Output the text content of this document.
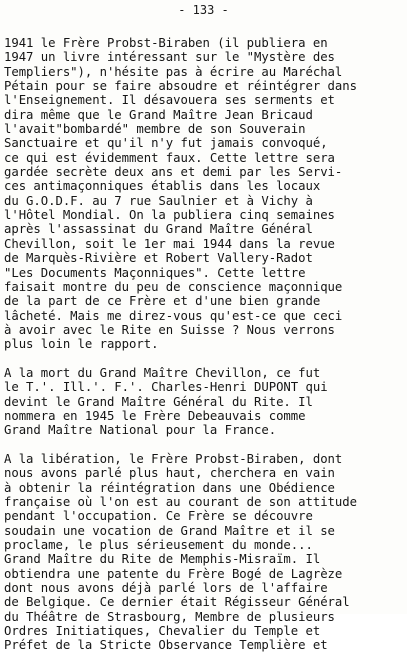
- 133 -
1941 le Frère Probst-Biraben (il publiera en
1947 un livre intéressant sur le "Mystère des
Templiers"), n'hésite pas à écrire au Maréchal
Pétain pour se faire absoudre et réintégrer dans
l'Enseignement. Il désavouera ses serments et
dira même que le Grand Maître Jean Bricaud
l'avait"bombardé" membre de son Souverain
Sanctuaire et qu'il n'y fut jamais convoqué,
ce qui est évidemment faux. Cette lettre sera
gardée secrète deux ans et demi par les Servi-
ces antimaçonniques établis dans les locaux
du G.O.D.F. au 7 rue Saulnier et à Vichy à
l'Hôtel Mondial. On la publiera cinq semaines
après l'assassinat du Grand Maître Général
Chevillon, soit le 1er mai 1944 dans la revue
de Marquès-Rivière et Robert Vallery-Radot
"Les Documents Maçonniques". Cette lettre
faisait montre du peu de conscience maçonnique
de la part de ce Frère et d'une bien grande
lâcheté. Mais me direz-vous qu'est-ce que ceci
à avoir avec le Rite en Suisse ? Nous verrons
plus loin le rapport.
A la mort du Grand Maître Chevillon, ce fut
le T.'. Ill.'. F.'. Charles-Henri DUPONT qui
devint le Grand Maître Général du Rite. Il
nommera en 1945 le Frère Debeauvais comme
Grand Maître National pour la France.
A la libération, le Frère Probst-Biraben, dont
nous avons parlé plus haut, cherchera en vain
à obtenir la réintégration dans une Obédience
française où l'on est au courant de son attitude
pendant l'occupation. Ce Frère se découvre
soudain une vocation de Grand Maître et il se
proclame, le plus sérieusement du monde...
Grand Maître du Rite de Memphis-Misraïm. Il
obtiendra une patente du Frère Bogé de Lagrèze
dont nous avons déjà parlé lors de l'affaire
de Belgique. Ce dernier était Régisseur Général
du Théâtre de Strasbourg, Membre de plusieurs
Ordres Initiatiques, Chevalier du Temple et
Préfet de la Stricte Observance Templière et
